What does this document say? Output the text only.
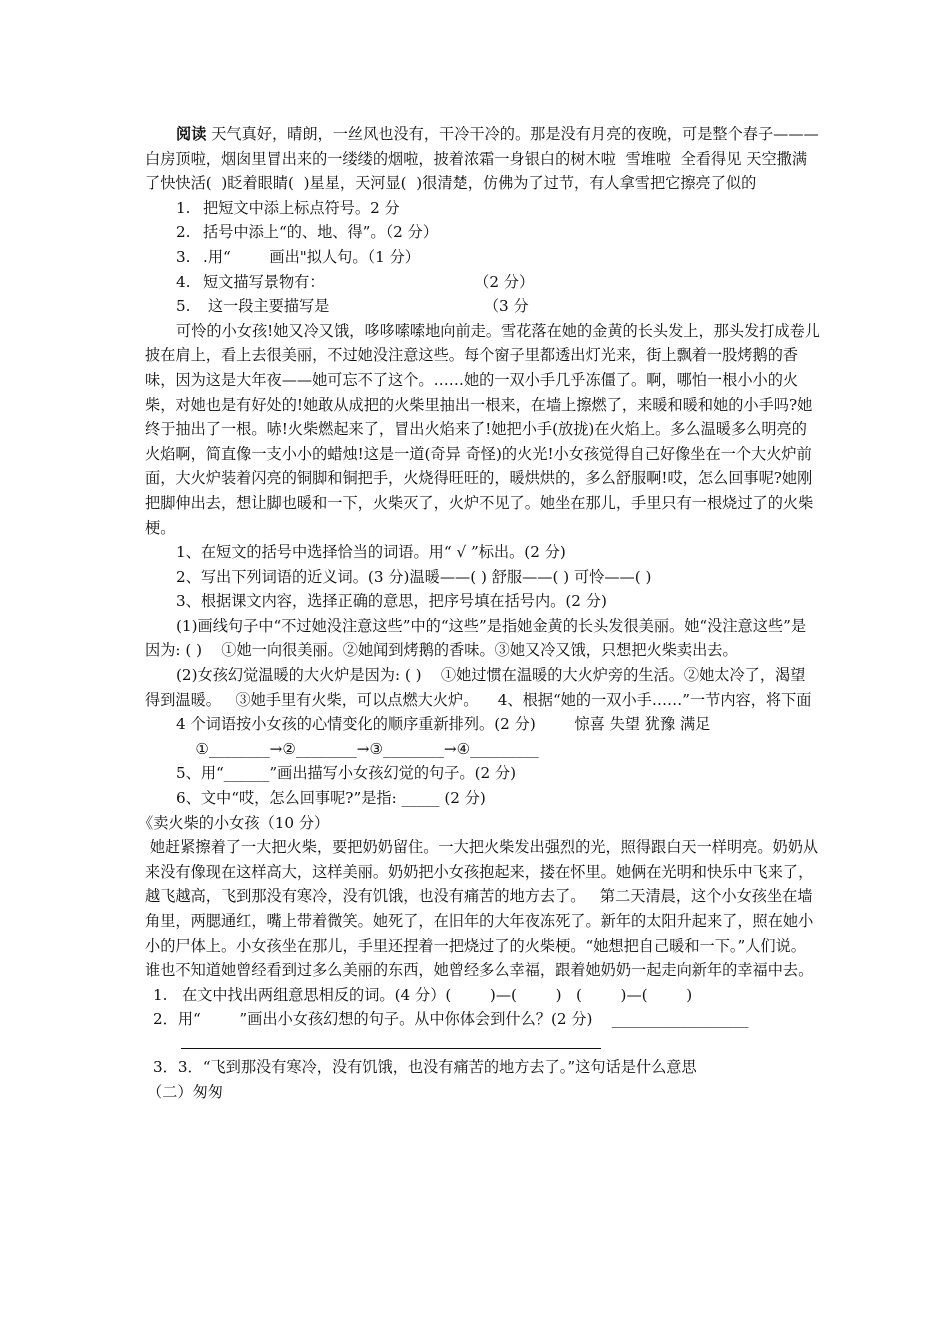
阅读 天气真好，晴朗，一丝风也没有，干冷干冷的。那是没有月亮的夜晚，可是整个春子———白房顶啦，烟囱里冒出来的一缕缕的烟啦，披着浓霜一身银白的树木啦  雪堆啦  全看得见 天空撒满了快快活(  )眨着眼睛(  )星星，天河显(  )很清楚，仿佛为了过节，有人拿雪把它擦亮了似的

1. 把短文中添上标点符号。2 分

2. 括号中添上“的、地、得”。（2 分）

3. .用“        画出"拟人句。（1 分）

4. 短文描写景物有：                               （2 分）

5. 这一段主要描写是                                （3 分

可怜的小女孩!她又冷又饿，哆哆嗦嗦地向前走。雪花落在她的金黄的长头发上，那头发打成卷儿披在肩上，看上去很美丽，不过她没注意这些。每个窗子里都透出灯光来，街上飘着一股烤鹅的香味，因为这是大年夜——她可忘不了这个。……她的一双小手几乎冻僵了。啊，哪怕一根小小的火柴，对她也是有好处的!她敢从成把的火柴里抽出一根来，在墙上擦燃了，来暖和暖和她的小手吗?她终于抽出了一根。哧!火柴燃起来了，冒出火焰来了!她把小手(放拢)在火焰上。多么温暖多么明亮的火焰啊，简直像一支小小的蜡烛!这是一道(奇异 奇怪)的火光!小女孩觉得自己好像坐在一个大火炉前面，大火炉装着闪亮的铜脚和铜把手，火烧得旺旺的，暖烘烘的，多么舒服啊!哎，怎么回事呢?她刚把脚伸出去，想让脚也暖和一下，火柴灭了，火炉不见了。她坐在那儿，手里只有一根烧过了的火柴梗。

1、在短文的括号中选择恰当的词语。用“ √ ”标出。(2 分)

2、写出下列词语的近义词。(3 分)温暖——( ) 舒服——( ) 可怜——( )

3、根据课文内容，选择正确的意思，把序号填在括号内。(2 分)

(1)画线句子中“不过她没注意这些”中的“这些”是指她金黄的长头发很美丽。她“没注意这些”是因为: ( )    ①她一向很美丽。②她闻到烤鹅的香味。③她又冷又饿，只想把火柴卖出去。

(2)女孩幻觉温暖的大火炉是因为: ( )    ①她过惯在温暖的大火炉旁的生活。②她太冷了，渴望得到温暖。   ③她手里有火柴，可以点燃大火炉。    4、根据“她的一双小手……”一节内容，将下面

4 个词语按小女孩的心情变化的顺序重新排列。(2 分)        惊喜 失望 犹豫 满足

①________→②________→③________→④_________

5、用“______”画出描写小女孩幻觉的句子。(2 分)

6、文中“哎，怎么回事呢?”是指: _____ (2 分)

《卖火柴的小女孩（10 分）

她赶紧擦着了一大把火柴，要把奶奶留住。一大把火柴发出强烈的光，照得跟白天一样明亮。奶奶从来没有像现在这样高大，这样美丽。奶奶把小女孩抱起来，搂在怀里。她俩在光明和快乐中飞来了，越飞越高，飞到那没有寒冷，没有饥饿，也没有痛苦的地方去了。   第二天清晨，这个小女孩坐在墙角里，两腮通红，嘴上带着微笑。她死了，在旧年的大年夜冻死了。新年的太阳升起来了，照在她小小的尸体上。小女孩坐在那儿，手里还捏着一把烧过了的火柴梗。“她想把自己暖和一下。”人们说。谁也不知道她曾经看到过多么美丽的东西，她曾经多么幸福，跟着她奶奶一起走向新年的幸福中去。

1.   在文中找出两组意思相反的词。(4 分）(        )—(        )   (        )—(        )

2．用“        ”画出小女孩幻想的句子。从中你体会到什么？(2 分)    __________________

3．3．“飞到那没有寒冷，没有饥饿，也没有痛苦的地方去了。”这句话是什么意思

（二）匆匆
